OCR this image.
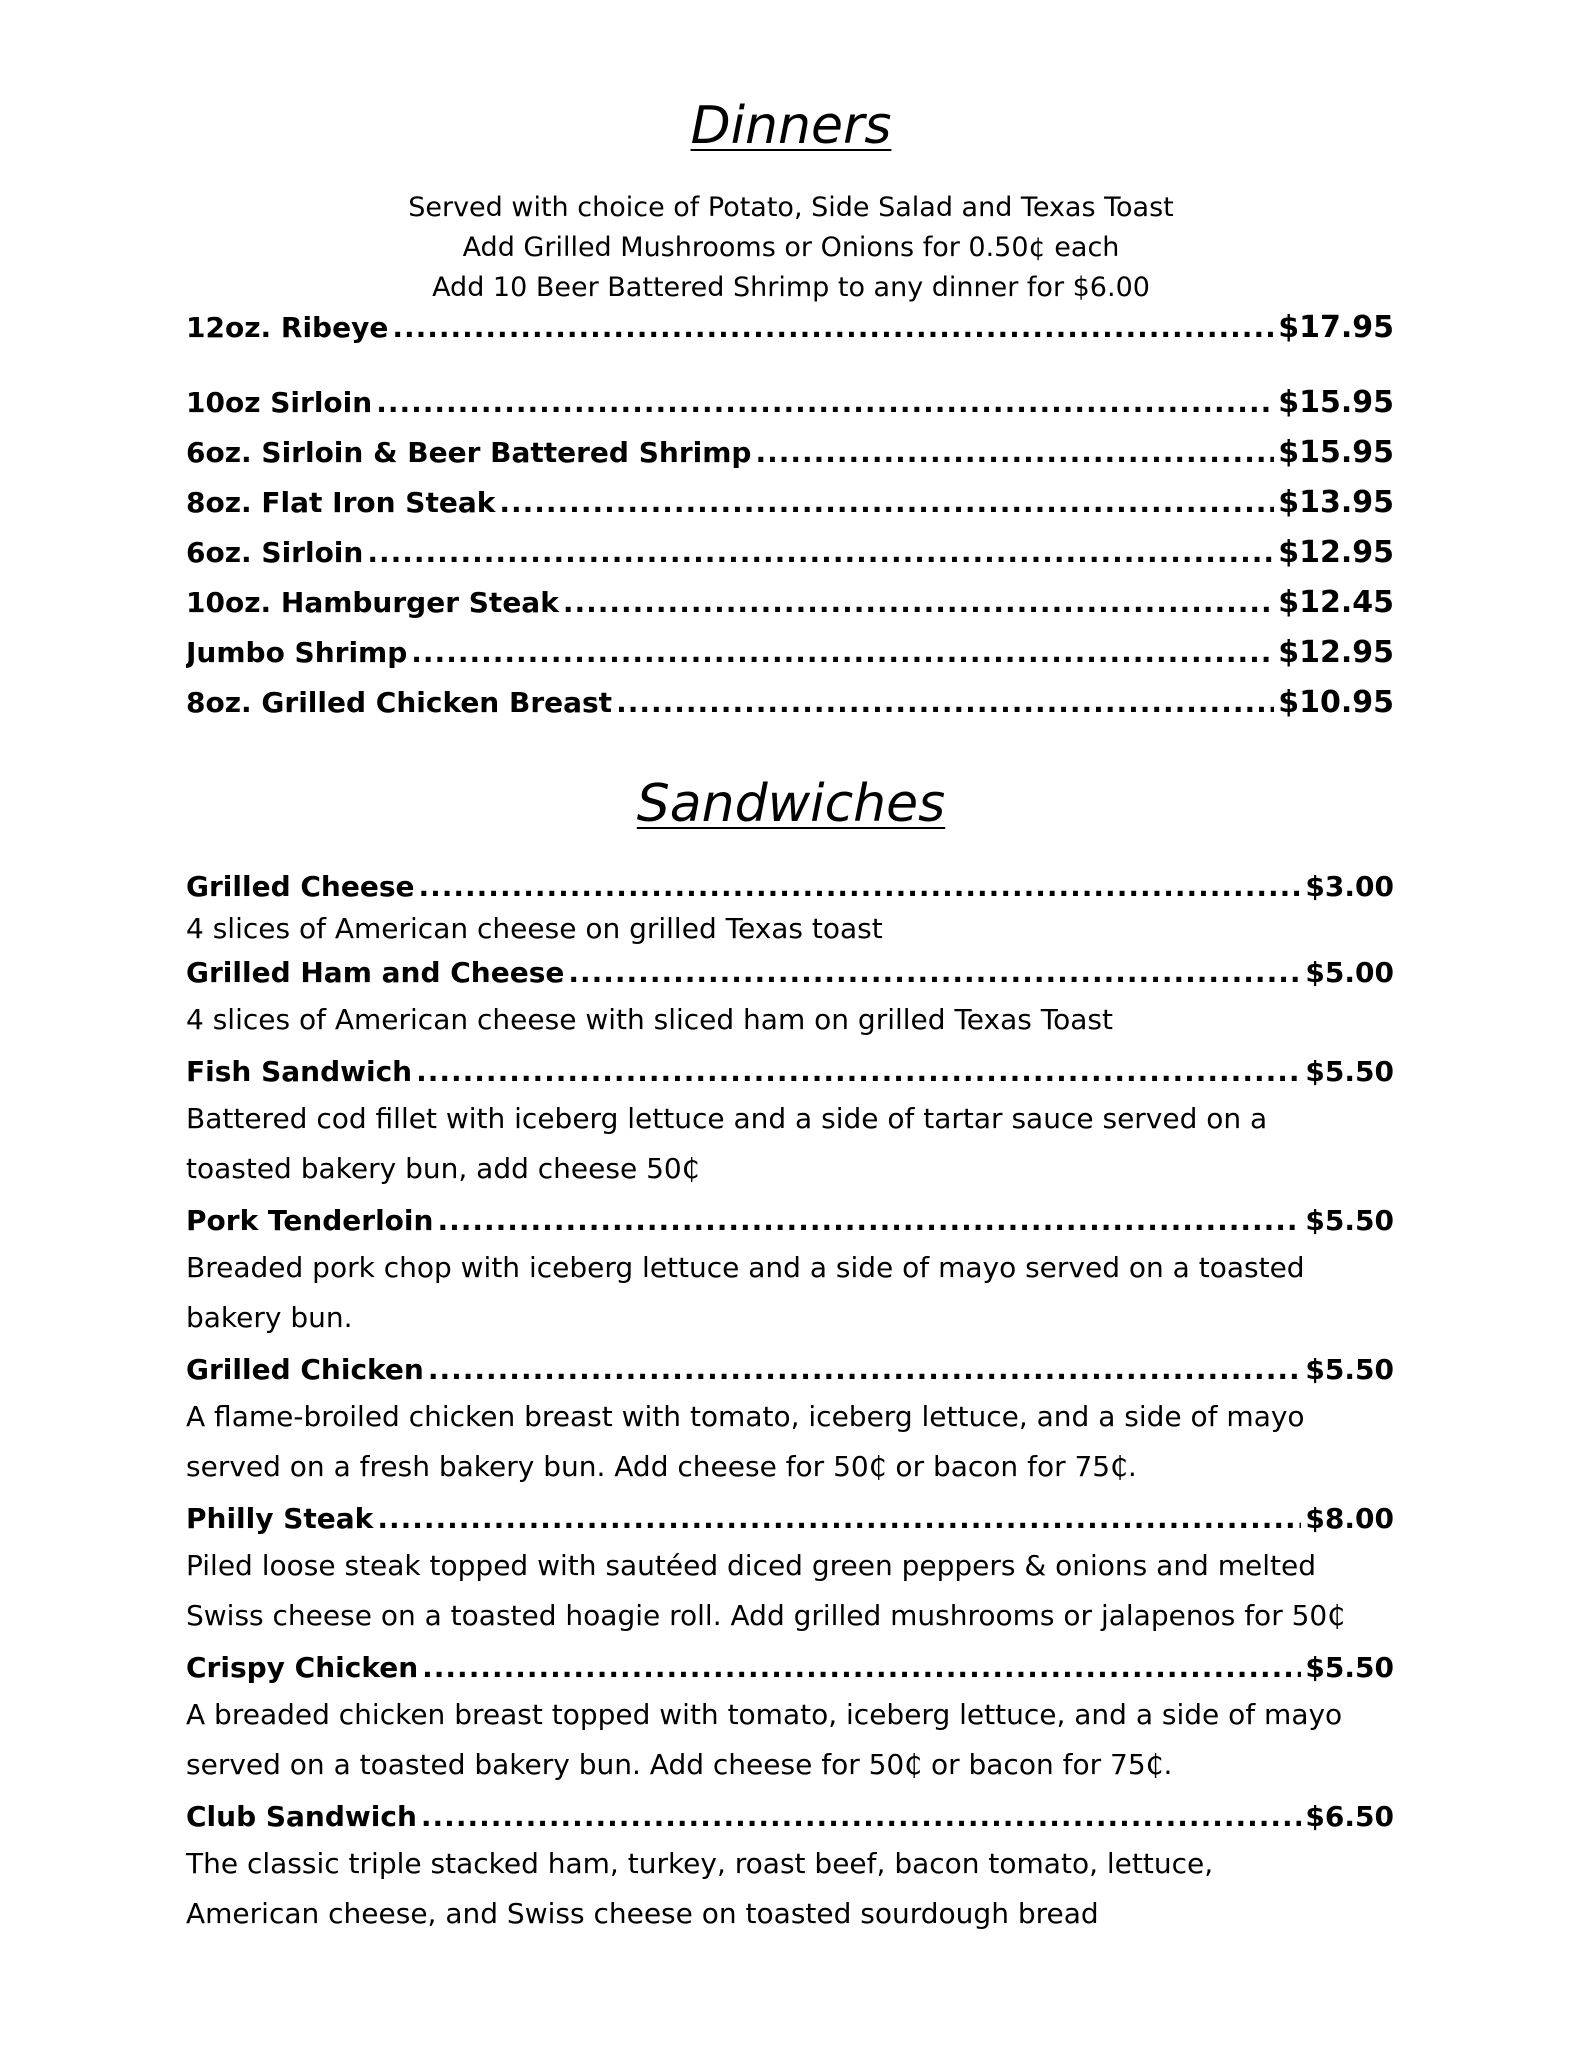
Dinners
Served with choice of Potato, Side Salad and Texas Toast
Add Grilled Mushrooms or Onions for 0.50¢ each
Add 10 Beer Battered Shrimp to any dinner for $6.00
12oz. Ribeye .....	$17.95
10oz Sirloin .....	$15.95
6oz. Sirloin & Beer Battered Shrimp .....	$15.95
8oz. Flat Iron Steak .....	$13.95
6oz. Sirloin .....	$12.95
10oz. Hamburger Steak .....	$12.45
Jumbo Shrimp .....	$12.95
8oz. Grilled Chicken Breast .....	$10.95
Sandwiches
Grilled Cheese .....	$3.00
4 slices of American cheese on grilled Texas toast
Grilled Ham and Cheese .....	$5.00
4 slices of American cheese with sliced ham on grilled Texas Toast
Fish Sandwich .....	$5.50
Battered cod fillet with iceberg lettuce and a side of tartar sauce served on a
toasted bakery bun, add cheese 50₵
Pork Tenderloin .....	$5.50
Breaded pork chop with iceberg lettuce and a side of mayo served on a toasted
bakery bun.
Grilled Chicken .....	$5.50
A flame-broiled chicken breast with tomato, iceberg lettuce, and a side of mayo
served on a fresh bakery bun. Add cheese for 50₵ or bacon for 75₵.
Philly Steak .....	$8.00
Piled loose steak topped with sautéed diced green peppers & onions and melted
Swiss cheese on a toasted hoagie roll. Add grilled mushrooms or jalapenos for 50₵
Crispy Chicken .....	$5.50
A breaded chicken breast topped with tomato, iceberg lettuce, and a side of mayo
served on a toasted bakery bun. Add cheese for 50₵ or bacon for 75₵.
Club Sandwich .....	$6.50
The classic triple stacked ham, turkey, roast beef, bacon tomato, lettuce,
American cheese, and Swiss cheese on toasted sourdough bread
